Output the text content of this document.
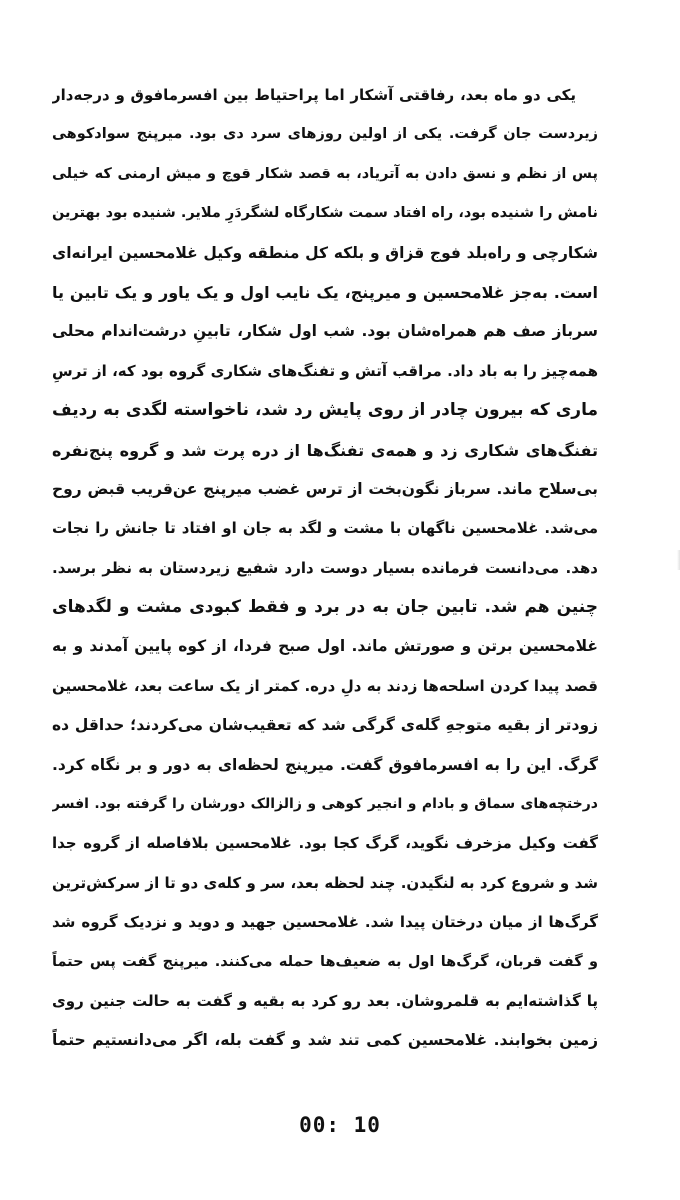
یکی دو ماه بعد، رفاقتی آشکار اما پراحتیاط بین افسرمافوق و درجه‌دار
زیردست جان گرفت. یکی از اولین روزهای سرد دی بود. میرپنج سوادکوهی
پس از نظم و نسق دادن به آتریاد، به قصد شکار قوچ و میش ارمنی که خیلی
نامش را شنیده بود، راه افتاد سمت شکارگاه لشگردَرِ ملایر. شنیده بود بهترین
شکارچی و راه‌بلد فوج قزاق و بلکه کل منطقه وکیل غلامحسین ایرانه‌ای
است. به‌جز غلامحسین و میرپنج، یک نایب اول و یک یاور و یک تابین یا
سرباز صف هم همراه‌شان بود. شب اول شکار، تابینِ درشت‌اندام محلی
همه‌چیز را به باد داد. مراقب آتش و تفنگ‌های شکاری گروه بود که، از ترسِ
ماری که بیرون چادر از روی پایش رد شد، ناخواسته لگدی به ردیف
تفنگ‌های شکاری زد و همه‌ی تفنگ‌ها از دره پرت شد و گروه پنج‌نفره
بی‌سلاح ماند. سرباز نگون‌بخت از ترس غضب میرپنج عن‌قریب قبض روح
می‌شد. غلامحسین ناگهان با مشت و لگد به جان او افتاد تا جانش را نجات
دهد. می‌دانست فرمانده بسیار دوست دارد شفیع زیردستان به نظر برسد.
چنین هم شد. تابین جان به در برد و فقط کبودی مشت و لگدهای
غلامحسین برتن و صورتش ماند. اول صبح فردا، از کوه پایین آمدند و به
قصد پیدا کردن اسلحه‌ها زدند به دلِ دره. کمتر از یک ساعت بعد، غلامحسین
زودتر از بقیه متوجهِ گله‌ی گرگی شد که تعقیب‌شان می‌کردند؛ حداقل ده
گرگ. این را به افسرمافوق گفت. میرپنج لحظه‌ای به دور و بر نگاه کرد.
درختچه‌های سماق و بادام و انجیر کوهی و زالزالک دورشان را گرفته بود. افسر
گفت وکیل مزخرف نگوید، گرگ کجا بود. غلامحسین بلافاصله از گروه جدا
شد و شروع کرد به لنگیدن. چند لحظه بعد، سر و کله‌ی دو تا از سرکش‌ترین
گرگ‌ها از میان درختان پیدا شد. غلامحسین جهید و دوید و نزدیک گروه شد
و گفت قربان، گرگ‌ها اول به ضعیف‌ها حمله می‌کنند. میرپنج گفت پس حتماً
پا گذاشته‌ایم به قلمروشان. بعد رو کرد به بقیه و گفت به حالت جنین روی
زمین بخوابند. غلامحسین کمی تند شد و گفت بله، اگر می‌دانستیم حتماً
00: 10
